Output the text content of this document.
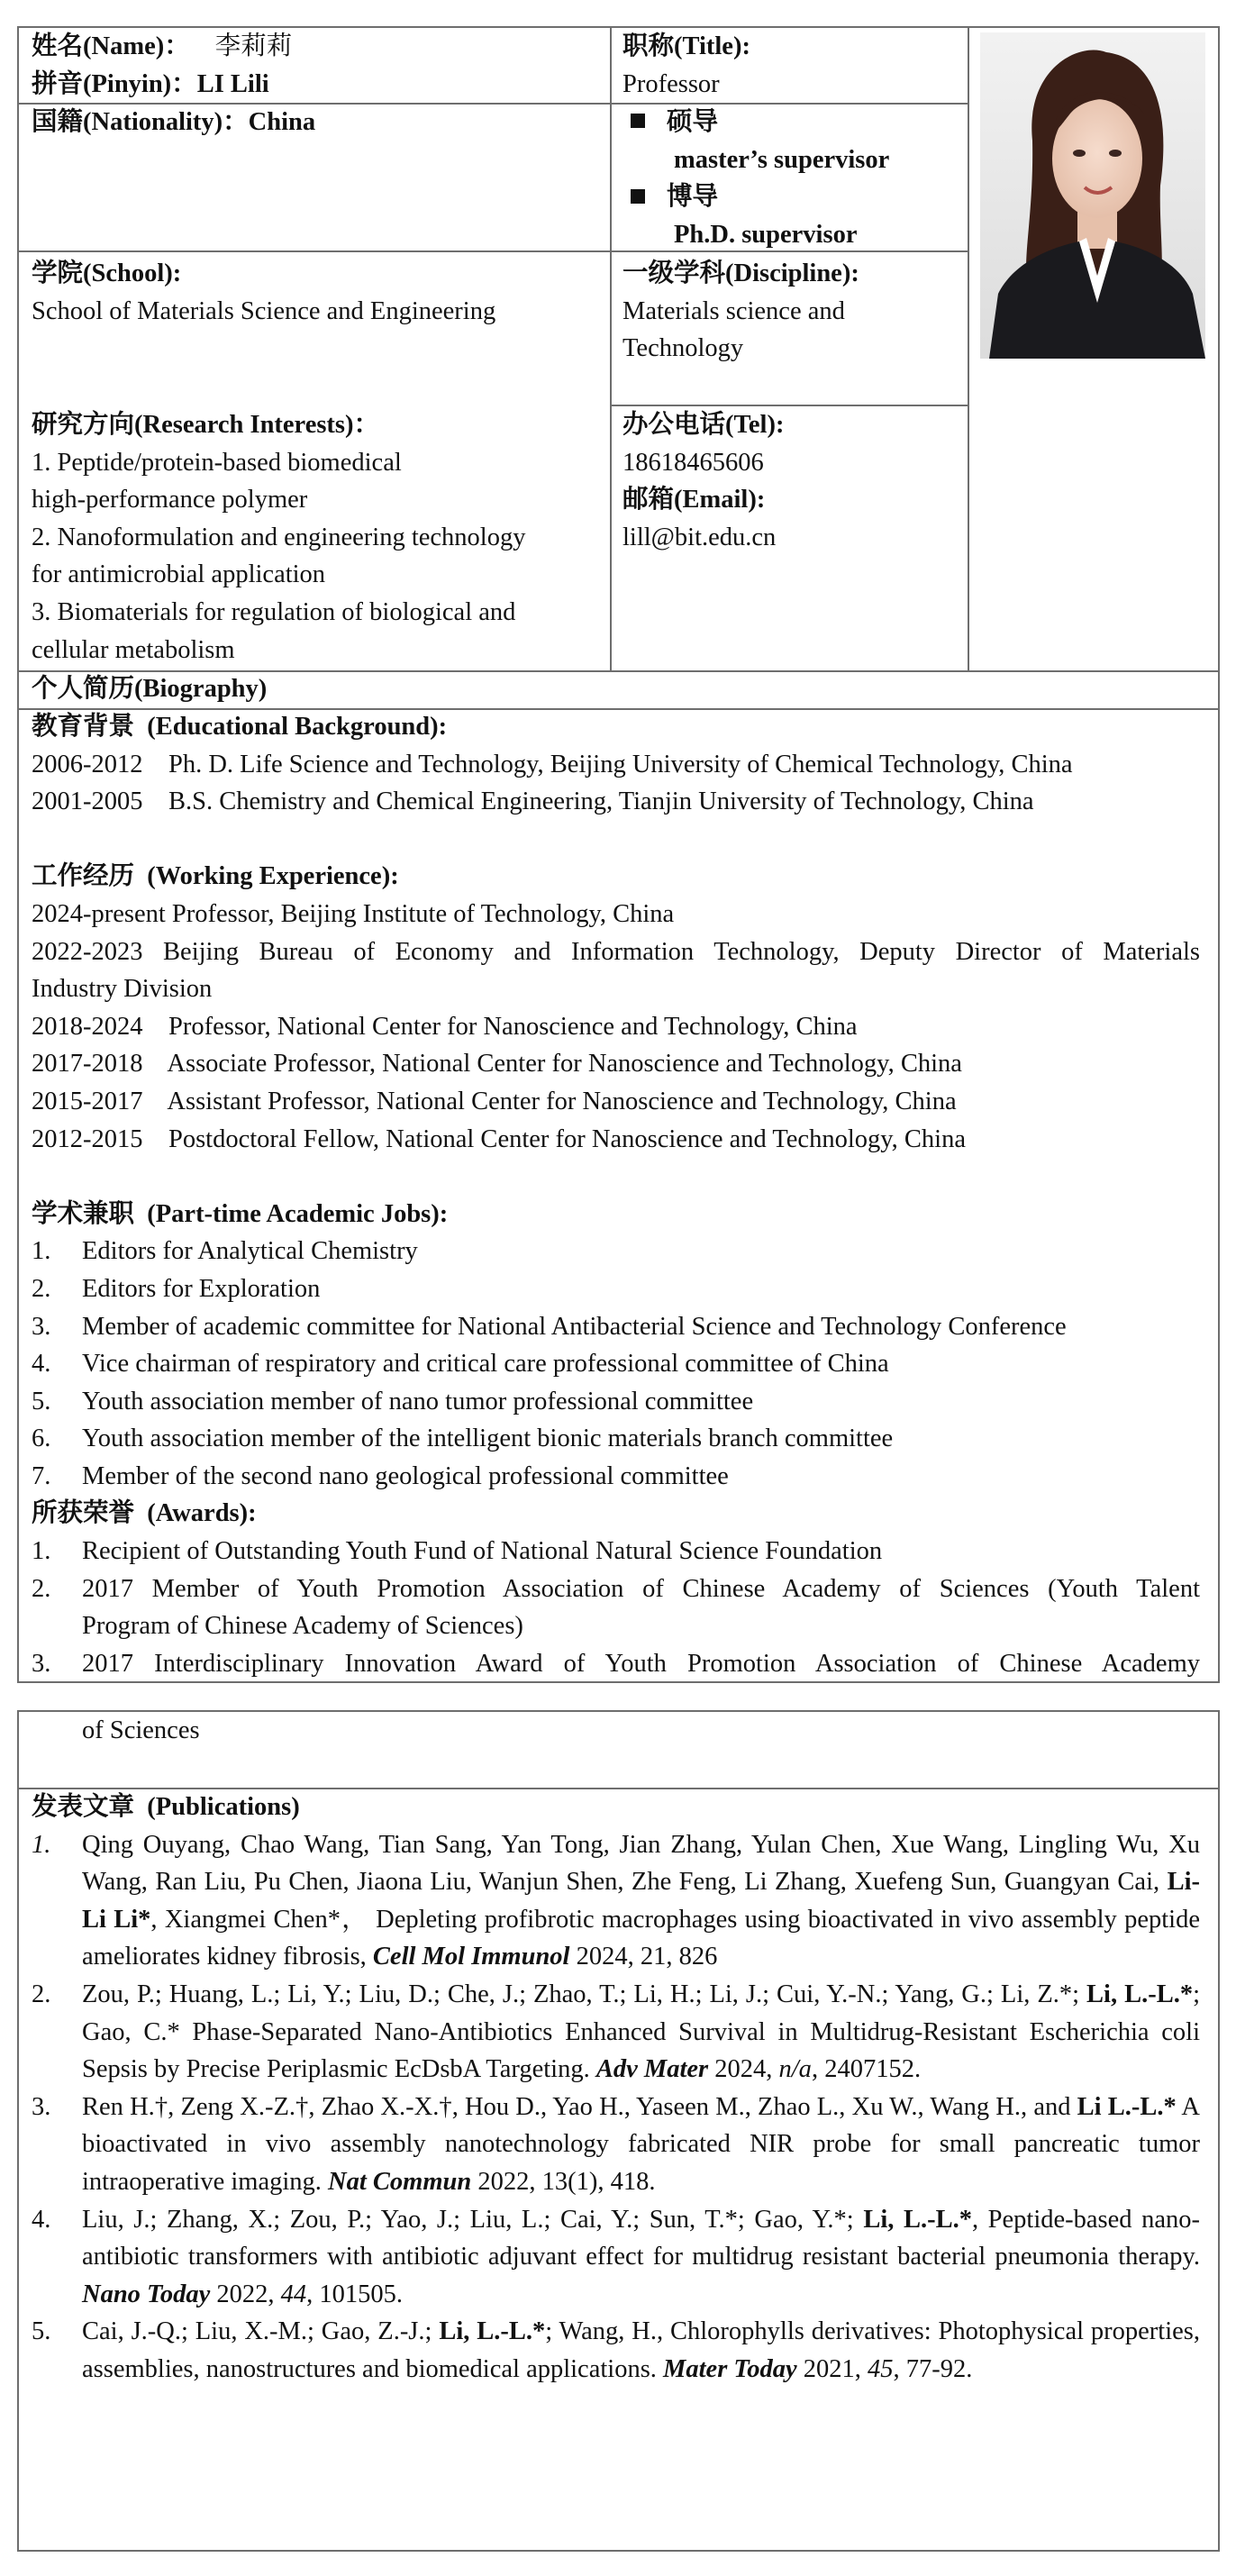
姓名(Name)： 李莉莉
拼音(Pinyin)：LI Lili
职称(Title):
Professor
国籍(Nationality)：China	硕导
master’s supervisor
博导
Ph.D. supervisor
学院(School):
School of Materials Science and Engineering
一级学科(Discipline):
Materials science and
Technology
研究方向(Research Interests)：
1. Peptide/protein-based biomedical
high-performance polymer
2. Nanoformulation and engineering technology
for antimicrobial application
3. Biomaterials for regulation of biological and
cellular metabolism
办公电话(Tel):
18618465606
邮箱(Email):
lill@bit.edu.cn
个人简历(Biography)
教育背景 (Educational Background):
2006-2012    Ph. D. Life Science and Technology, Beijing University of Chemical Technology, China
2001-2005    B.S. Chemistry and Chemical Engineering, Tianjin University of Technology, China
工作经历 (Working Experience):
2024-present Professor, Beijing Institute of Technology, China
2022-2023 Beijing Bureau of Economy and Information Technology, Deputy Director of Materials
Industry Division
2018-2024    Professor, National Center for Nanoscience and Technology, China
2017-2018    Associate Professor, National Center for Nanoscience and Technology, China
2015-2017    Assistant Professor, National Center for Nanoscience and Technology, China
2012-2015    Postdoctoral Fellow, National Center for Nanoscience and Technology, China
学术兼职 (Part-time Academic Jobs):
1. Editors for Analytical Chemistry
2. Editors for Exploration
3. Member of academic committee for National Antibacterial Science and Technology Conference
4. Vice chairman of respiratory and critical care professional committee of China
5. Youth association member of nano tumor professional committee
6. Youth association member of the intelligent bionic materials branch committee
7. Member of the second nano geological professional committee
所获荣誉 (Awards):
1. Recipient of Outstanding Youth Fund of National Natural Science Foundation
2. 2017 Member of Youth Promotion Association of Chinese Academy of Sciences (Youth Talent
Program of Chinese Academy of Sciences)
3. 2017 Interdisciplinary Innovation Award of Youth Promotion Association of Chinese Academy
of Sciences
发表文章 (Publications)
1. Qing Ouyang, Chao Wang, Tian Sang, Yan Tong, Jian Zhang, Yulan Chen, Xue Wang, Lingling Wu, Xu Wang, Ran Liu, Pu Chen, Jiaona Liu, Wanjun Shen, Zhe Feng, Li Zhang, Xuefeng Sun, Guangyan Cai, Li-Li Li*, Xiangmei Chen*， Depleting profibrotic macrophages using bioactivated in vivo assembly peptide ameliorates kidney fibrosis, Cell Mol Immunol 2024, 21, 826
2. Zou, P.; Huang, L.; Li, Y.; Liu, D.; Che, J.; Zhao, T.; Li, H.; Li, J.; Cui, Y.-N.; Yang, G.; Li, Z.*; Li, L.-L.*; Gao, C.* Phase-Separated Nano-Antibiotics Enhanced Survival in Multidrug-Resistant Escherichia coli Sepsis by Precise Periplasmic EcDsbA Targeting. Adv Mater 2024, n/a, 2407152.
3. Ren H.†, Zeng X.-Z.†, Zhao X.-X.†, Hou D., Yao H., Yaseen M., Zhao L., Xu W., Wang H., and Li L.-L.* A bioactivated in vivo assembly nanotechnology fabricated NIR probe for small pancreatic tumor intraoperative imaging. Nat Commun 2022, 13(1), 418.
4. Liu, J.; Zhang, X.; Zou, P.; Yao, J.; Liu, L.; Cai, Y.; Sun, T.*; Gao, Y.*; Li, L.-L.*, Peptide-based nano-antibiotic transformers with antibiotic adjuvant effect for multidrug resistant bacterial pneumonia therapy. Nano Today 2022, 44, 101505.
5. Cai, J.-Q.; Liu, X.-M.; Gao, Z.-J.; Li, L.-L.*; Wang, H., Chlorophylls derivatives: Photophysical properties, assemblies, nanostructures and biomedical applications. Mater Today 2021, 45, 77-92.
